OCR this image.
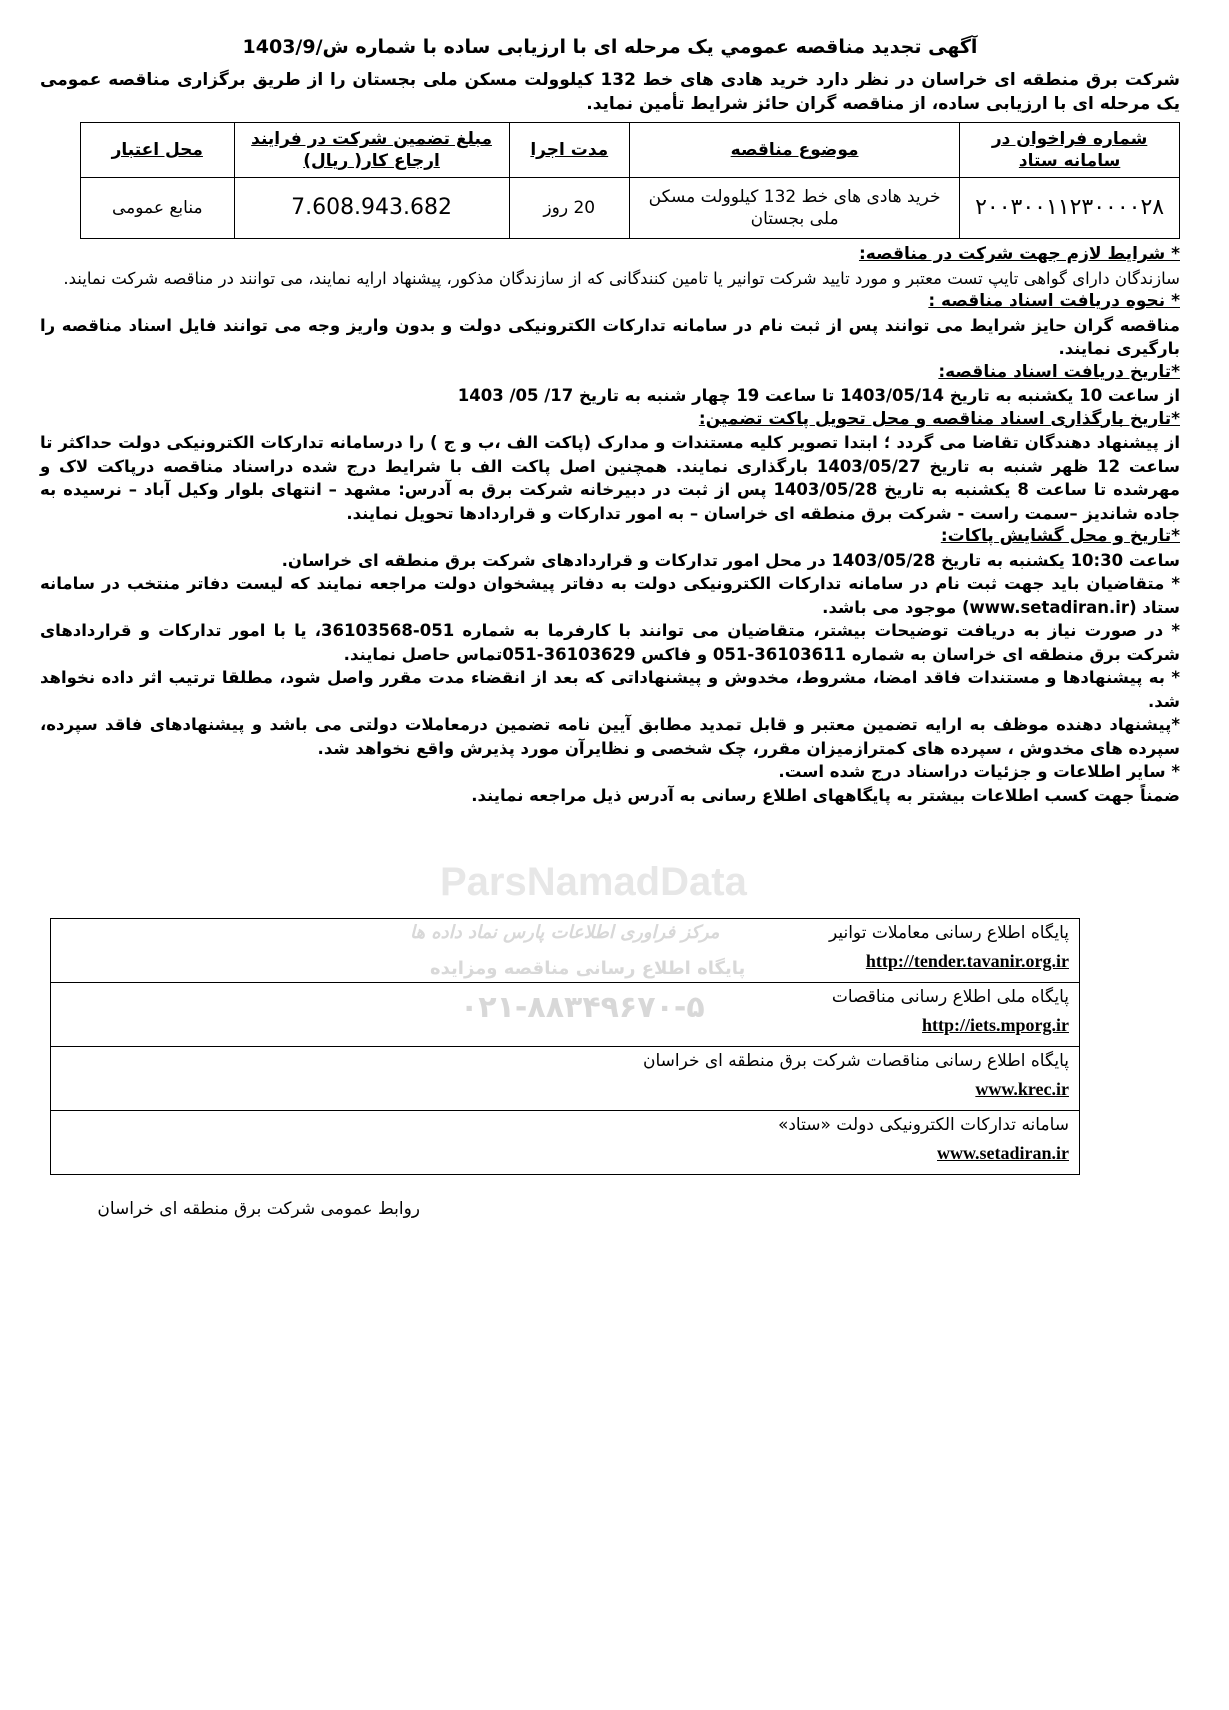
آگهی تجدید مناقصه عمومي یک مرحله ای با ارزیابی ساده با شماره ش/1403/9
شرکت برق منطقه ای خراسان در نظر دارد خرید هادی های خط 132 کیلوولت مسکن ملی بجستان را از طریق برگزاری مناقصه عمومی یک مرحله ای با ارزیابی ساده، از مناقصه گران حائز شرایط تأمین نماید.
شماره فراخوان در سامانه ستاد	موضوع مناقصه	مدت اجرا	مبلغ تضمین شرکت در فرایند ارجاع کار( ریال)	محل اعتبار
۲۰۰۳۰۰۱۱۲۳۰۰۰۰۲۸	خرید هادی های خط 132 کیلوولت مسکن ملی بجستان	20 روز	7.608.943.682	منابع عمومی

* شرایط لازم جهت شرکت در مناقصه:

سازندگان دارای گواهی تایپ تست معتبر و مورد تایید شرکت توانیر یا تامین کنندگانی که از سازندگان مذکور، پیشنهاد ارایه نمایند، می توانند در مناقصه شرکت نمایند.

* نحوه دریافت اسناد مناقصه :

مناقصه گران حایز شرایط می توانند پس از ثبت نام در سامانه تدارکات الکترونیکی دولت و بدون واریز وجه می توانند فایل اسناد مناقصه را بارگیری نمایند.

*تاریخ دریافت اسناد مناقصه:

از ساعت 10 یکشنبه به تاریخ 1403/05/14 تا ساعت 19 چهار شنبه به تاریخ 17/ 05/ 1403

*تاریخ بارگذاری اسناد مناقصه و محل تحویل پاکت تضمین:

از پیشنهاد دهندگان تقاضا می گردد ؛ ابتدا تصویر کلیه مستندات و مدارک (پاکت الف ،ب و ج ) را درسامانه تدارکات الکترونیکی دولت حداکثر تا ساعت 12 ظهر شنبه به تاریخ 1403/05/27 بارگذاری نمایند. همچنین اصل پاکت الف با شرایط درج شده دراسناد مناقصه درپاکت لاک و مهرشده تا ساعت 8 یکشنبه به تاریخ 1403/05/28 پس از ثبت در دبیرخانه شرکت برق به آدرس: مشهد – انتهای بلوار وکیل آباد – نرسیده به جاده شاندیز –سمت راست - شرکت برق منطقه ای خراسان – به امور تدارکات و قراردادها تحویل نمایند.

*تاریخ و محل گشایش پاکات:

ساعت 10:30 یکشنبه به تاریخ 1403/05/28 در محل امور تدارکات و قراردادهای شرکت برق منطقه ای خراسان.

* متقاضیان باید جهت ثبت نام در سامانه تدارکات الکترونیکی دولت به دفاتر پیشخوان دولت مراجعه نمایند که لیست دفاتر منتخب در سامانه ستاد (www.setadiran.ir) موجود می باشد.

* در صورت نیاز به دریافت توضیحات بیشتر، متقاضیان می توانند با کارفرما به شماره 051-36103568، یا با امور تدارکات و قراردادهای شرکت برق منطقه ای خراسان به شماره 36103611-051 و فاکس 36103629-051تماس حاصل نمایند.

* به پیشنهادها و مستندات فاقد امضا، مشروط، مخدوش و پیشنهاداتی که بعد از انقضاء مدت مقرر واصل شود، مطلقا ترتیب اثر داده نخواهد شد.

*پیشنهاد دهنده موظف به ارایه تضمین معتبر و قابل تمدید مطابق آیین نامه تضمین درمعاملات دولتی می باشد و پیشنهادهای فاقد سپرده، سپرده های مخدوش ، سپرده های کمترازمیزان مقرر، چک شخصی و نظایرآن مورد پذیرش واقع نخواهد شد.

* سایر اطلاعات و جزئیات دراسناد درج شده است.

ضمناً جهت کسب اطلاعات بیشتر به پایگاههای اطلاع رسانی به آدرس ذیل مراجعه نمایند.

پایگاه اطلاع رسانی معاملات توانیر
http://tender.tavanir.org.ir

پایگاه ملی اطلاع رسانی مناقصات
http://iets.mporg.ir

پایگاه اطلاع رسانی مناقصات شرکت برق منطقه ای خراسان
www.krec.ir

سامانه تدارکات الکترونیکی دولت «ستاد»
www.setadiran.ir
روابط عمومی شرکت برق منطقه ای خراسان
ParsNamadData
مرکز فراوری اطلاعات پارس نماد داده ها
پایگاه اطلاع رسانی مناقصه ومزایده
۰۲۱-۸۸۳۴۹۶۷۰-۵
